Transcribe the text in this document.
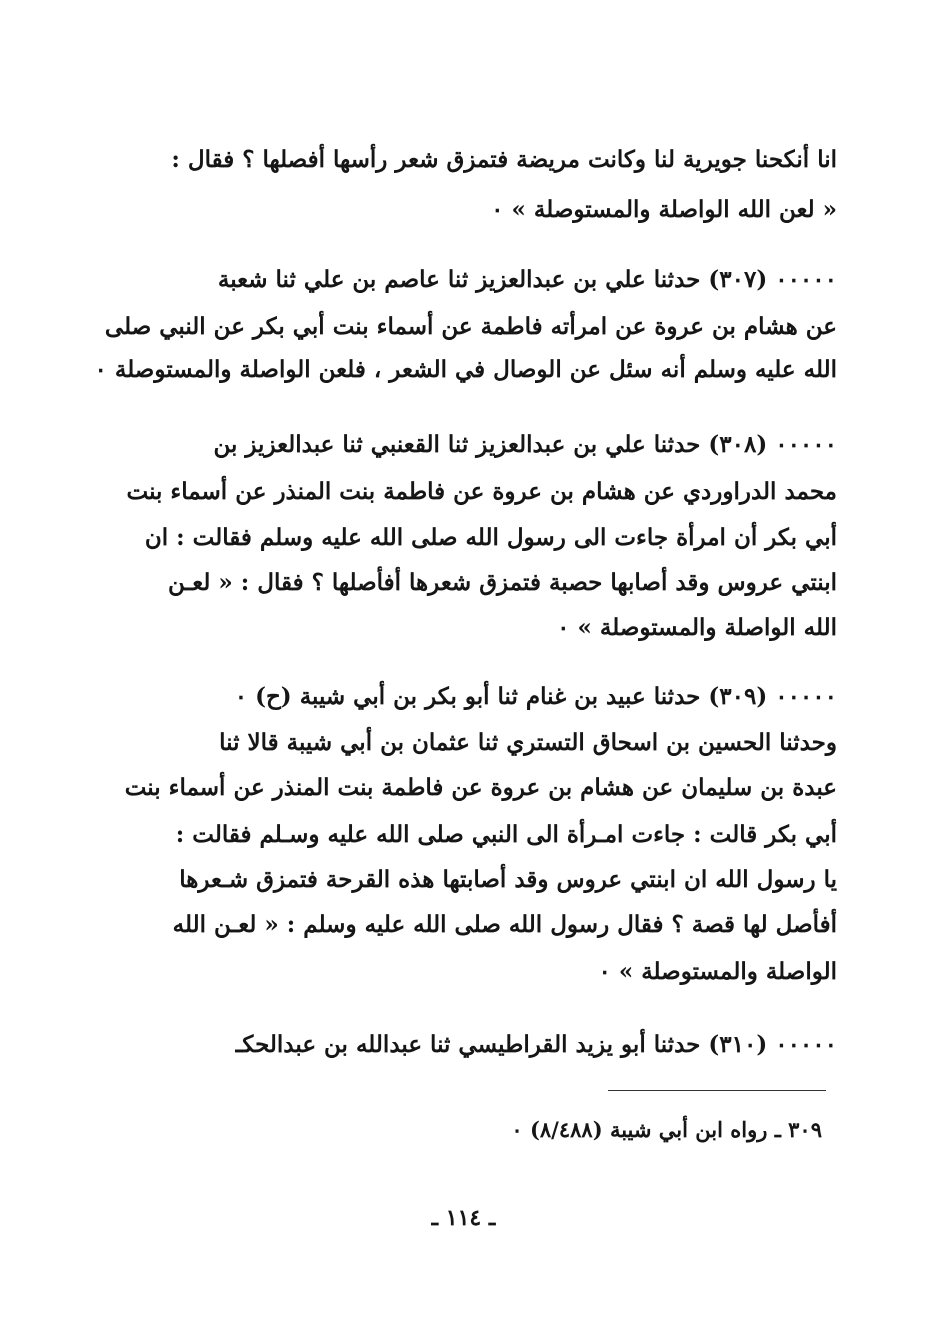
انا أنكحنا جويرية لنا وكانت مريضة فتمزق شعر رأسها أفصلها ؟ فقال :
« لعن الله الواصلة والمستوصلة » ٠
٠٠٠٠٠ (٣٠٧) حدثنا علي بن عبدالعزيز ثنا عاصم بن علي ثنا شعبة
عن هشام بن عروة عن امرأته فاطمة عن أسماء بنت أبي بكر عن النبي صلى
الله عليه وسلم أنه سئل عن الوصال في الشعر ، فلعن الواصلة والمستوصلة ٠
٠٠٠٠٠ (٣٠٨) حدثنا علي بن عبدالعزيز ثنا القعنبي ثنا عبدالعزيز بن
محمد الدراوردي عن هشام بن عروة عن فاطمة بنت المنذر عن أسماء بنت
أبي بكر أن امرأة جاءت الى رسول الله صلى الله عليه وسلم فقالت : ان
ابنتي عروس وقد أصابها حصبة فتمزق شعرها أفأصلها ؟ فقال : « لعـن
الله الواصلة والمستوصلة » ٠
٠٠٠٠٠ (٣٠٩) حدثنا عبيد بن غنام ثنا أبو بكر بن أبي شيبة (ح) ٠
وحدثنا الحسين بن اسحاق التستري ثنا عثمان بن أبي شيبة قالا ثنا
عبدة بن سليمان عن هشام بن عروة عن فاطمة بنت المنذر عن أسماء بنت
أبي بكر قالت : جاءت امـرأة الى النبي صلى الله عليه وسـلم فقالت :
يا رسول الله ان ابنتي عروس وقد أصابتها هذه القرحة فتمزق شـعرها
أفأصل لها قصة ؟ فقال رسول الله صلى الله عليه وسلم : « لعـن الله
الواصلة والمستوصلة » ٠
٠٠٠٠٠ (٣١٠) حدثنا أبو يزيد القراطيسي ثنا عبدالله بن عبدالحكـ
٣٠٩ ـ رواه ابن أبي شيبة (٨/٤٨٨) ٠
ـ ١١٤ ـ
